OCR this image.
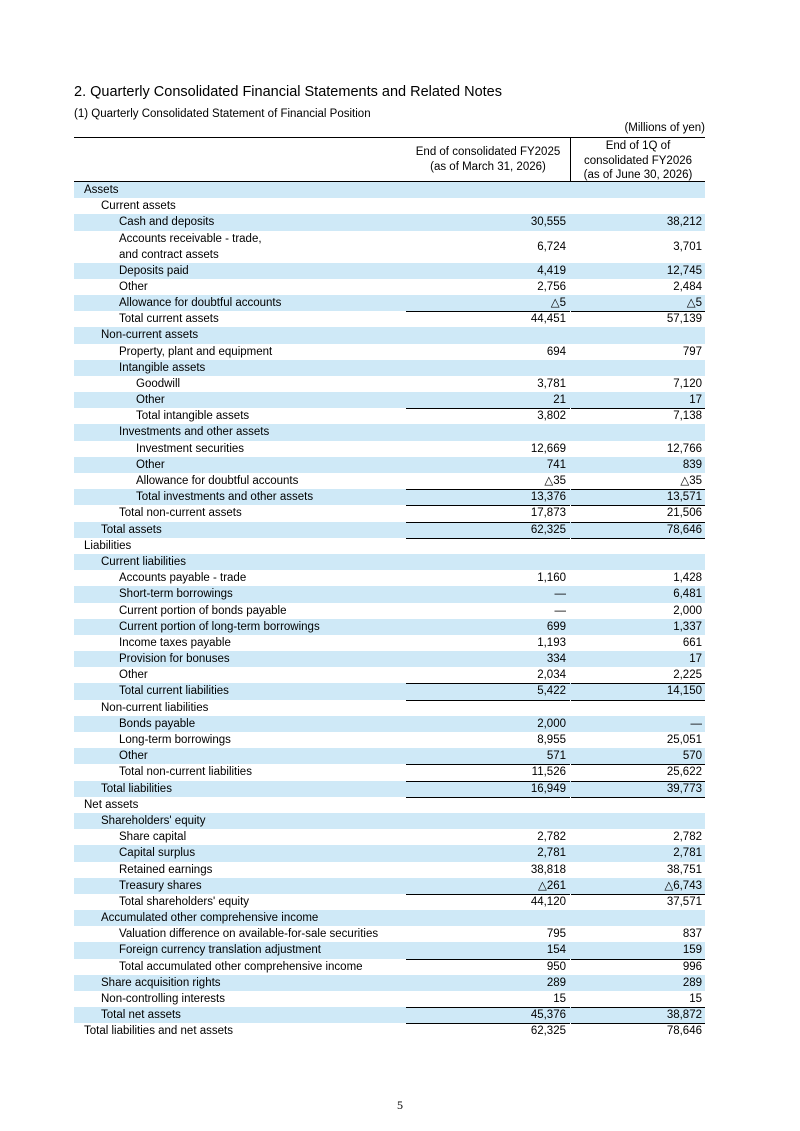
2. Quarterly Consolidated Financial Statements and Related Notes
(1) Quarterly Consolidated Statement of Financial Position
(Millions of yen)
End of consolidated FY2025
(as of March 31, 2026)
End of 1Q of
consolidated FY2026
(as of June 30, 2026)
Assets
Current assets
Cash and deposits	30,555	38,212
Accounts receivable - trade,
and contract assets
6,724	3,701
Deposits paid	4,419	12,745
Other	2,756	2,484
Allowance for doubtful accounts	△5	△5
Total current assets	44,451	57,139
Non-current assets
Property, plant and equipment	694	797
Intangible assets
Goodwill	3,781	7,120
Other	21	17
Total intangible assets	3,802	7,138
Investments and other assets
Investment securities	12,669	12,766
Other	741	839
Allowance for doubtful accounts	△35	△35
Total investments and other assets	13,376	13,571
Total non-current assets	17,873	21,506
Total assets	62,325	78,646
Liabilities
Current liabilities
Accounts payable - trade	1,160	1,428
Short-term borrowings	—	6,481
Current portion of bonds payable	—	2,000
Current portion of long-term borrowings	699	1,337
Income taxes payable	1,193	661
Provision for bonuses	334	17
Other	2,034	2,225
Total current liabilities	5,422	14,150
Non-current liabilities
Bonds payable	2,000	—
Long-term borrowings	8,955	25,051
Other	571	570
Total non-current liabilities	11,526	25,622
Total liabilities	16,949	39,773
Net assets
Shareholders' equity
Share capital	2,782	2,782
Capital surplus	2,781	2,781
Retained earnings	38,818	38,751
Treasury shares	△261	△6,743
Total shareholders' equity	44,120	37,571
Accumulated other comprehensive income
Valuation difference on available-for-sale securities	795	837
Foreign currency translation adjustment	154	159
Total accumulated other comprehensive income	950	996
Share acquisition rights	289	289
Non-controlling interests	15	15
Total net assets	45,376	38,872
Total liabilities and net assets	62,325	78,646
5
